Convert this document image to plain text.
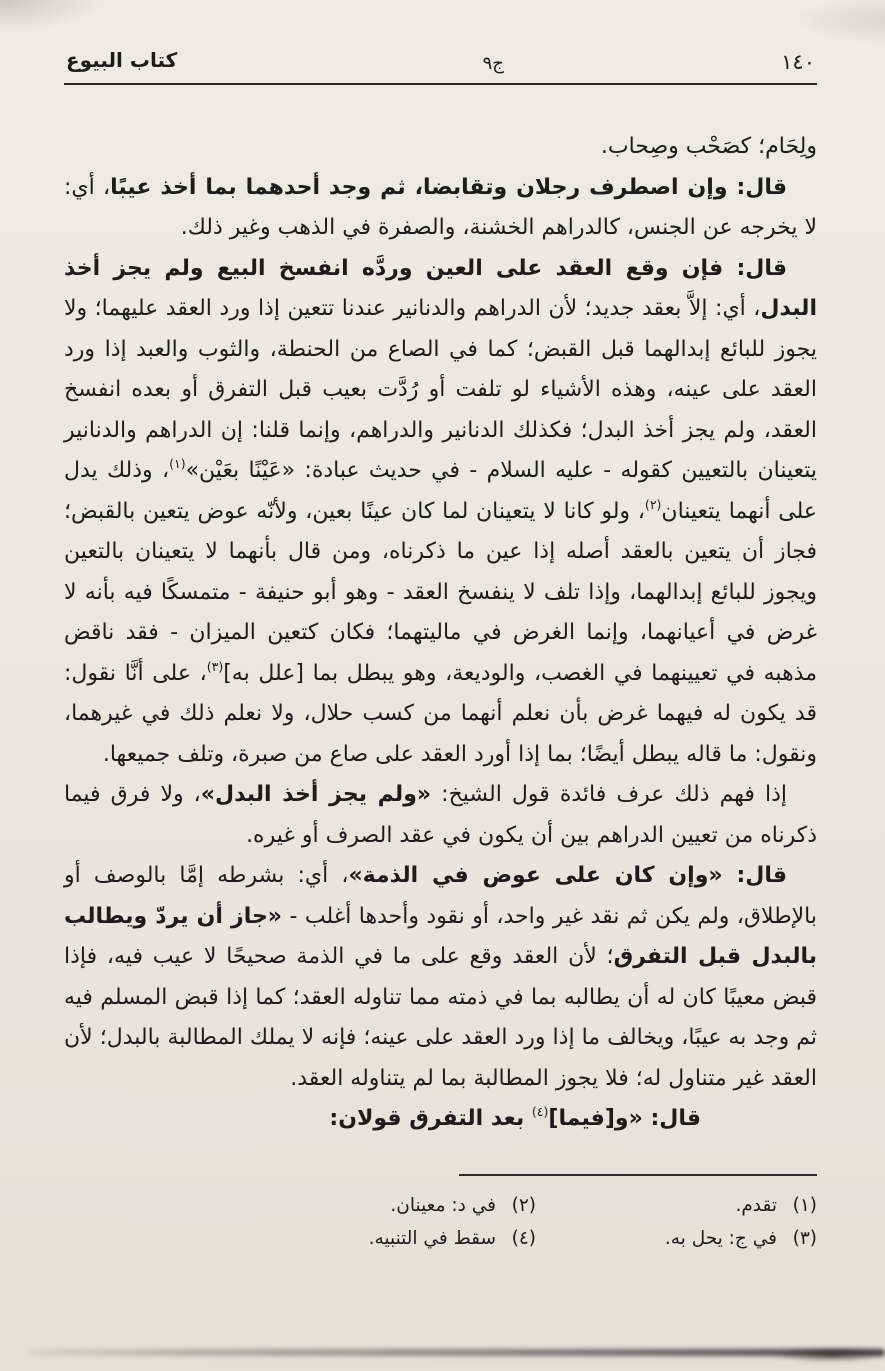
١٤٠
ج٩
كتاب البيوع

ولِحَام؛ كصَحْب وصِحاب.

قال: وإن اصطرف رجلان وتقابضا، ثم وجد أحدهما بما أخذ عيبًا، أي: لا يخرجه عن الجنس، كالدراهم الخشنة، والصفرة في الذهب وغير ذلك.

قال: فإن وقع العقد على العين وردَّه انفسخ البيع ولم يجز أخذ البدل، أي: إلاَّ بعقد جديد؛ لأن الدراهم والدنانير عندنا تتعين إذا ورد العقد عليهما؛ ولا يجوز للبائع إبدالهما قبل القبض؛ كما في الصاع من الحنطة، والثوب والعبد إذا ورد العقد على عينه، وهذه الأشياء لو تلفت أو رُدَّت بعيب قبل التفرق أو بعده انفسخ العقد، ولم يجز أخذ البدل؛ فكذلك الدنانير والدراهم، وإنما قلنا: إن الدراهم والدنانير يتعينان بالتعيين كقوله - عليه السلام - في حديث عبادة: «عَيْنًا بعَيْن»$^{(١)}$، وذلك يدل على أنهما يتعينان$^{(٢)}$، ولو كانا لا يتعينان لما كان عينًا بعين، ولأنّه عوض يتعين بالقبض؛ فجاز أن يتعين بالعقد أصله إذا عين ما ذكرناه، ومن قال بأنهما لا يتعينان بالتعين ويجوز للبائع إبدالهما، وإذا تلف لا ينفسخ العقد - وهو أبو حنيفة - متمسكًا فيه بأنه لا غرض في أعيانهما، وإنما الغرض في ماليتهما؛ فكان كتعين الميزان - فقد ناقض مذهبه في تعيينهما في الغصب، والوديعة، وهو يبطل بما [علل به]$^{(٣)}$، على أنَّا نقول: قد يكون له فيهما غرض بأن نعلم أنهما من كسب حلال، ولا نعلم ذلك في غيرهما، ونقول: ما قاله يبطل أيضًا؛ بما إذا أورد العقد على صاع من صبرة، وتلف جميعها.

إذا فهم ذلك عرف فائدة قول الشيخ: «ولم يجز أخذ البدل»، ولا فرق فيما ذكرناه من تعيين الدراهم بين أن يكون في عقد الصرف أو غيره.

قال: «وإن كان على عوض في الذمة»، أي: بشرطه إمَّا بالوصف أو بالإطلاق، ولم يكن ثم نقد غير واحد، أو نقود وأحدها أغلب - «جاز أن يردّ ويطالب بالبدل قبل التفرق؛ لأن العقد وقع على ما في الذمة صحيحًا لا عيب فيه، فإذا قبض معيبًا كان له أن يطالبه بما في ذمته مما تناوله العقد؛ كما إذا قبض المسلم فيه ثم وجد به عيبًا، ويخالف ما إذا ورد العقد على عينه؛ فإنه لا يملك المطالبة بالبدل؛ لأن العقد غير متناول له؛ فلا يجوز المطالبة بما لم يتناوله العقد.

قال: «و[فيما]$^{(٤)}$ بعد التفرق قولان:

(١)تقدم.
(٣)في ج: يحل به.
(٢)في د: معينان.
(٤)سقط في التنبيه.
